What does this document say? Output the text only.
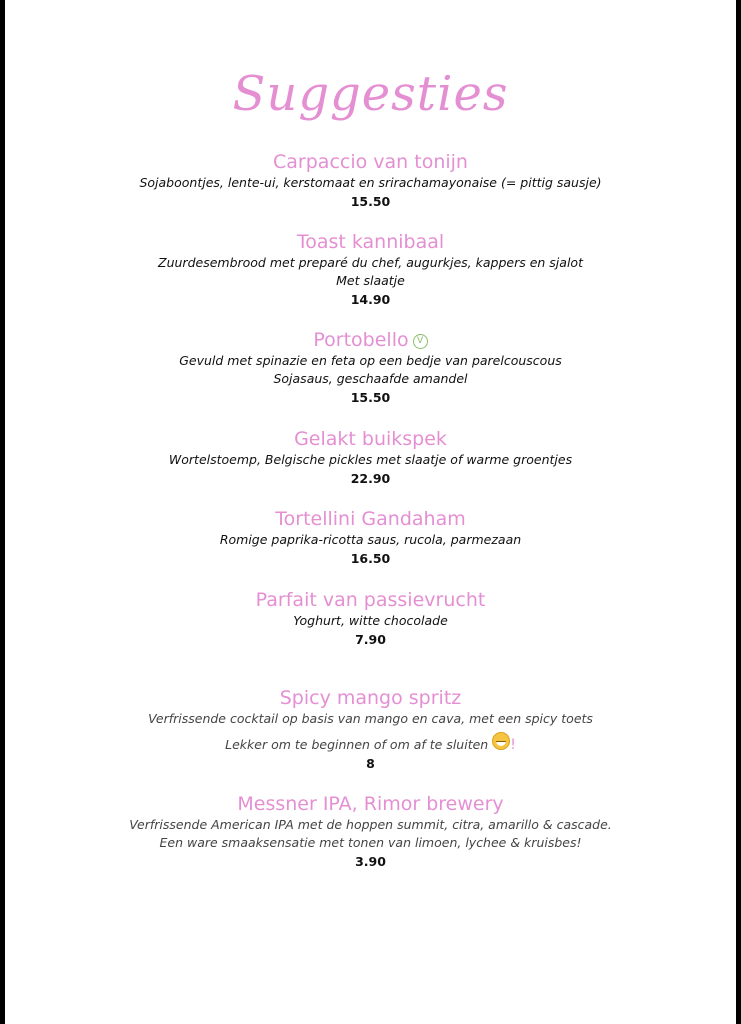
Suggesties
Carpaccio van tonijn
Sojaboontjes, lente-ui, kerstomaat en srirachamayonaise (= pittig sausje)
15.50
Toast kannibaal
Zuurdesembrood met preparé du chef, augurkjes, kappers en sjalot
Met slaatje
14.90
Portobello V
Gevuld met spinazie en feta op een bedje van parelcouscous
Sojasaus, geschaafde amandel
15.50
Gelakt buikspek
Wortelstoemp, Belgische pickles met slaatje of warme groentjes
22.90
Tortellini Gandaham
Romige paprika-ricotta saus, rucola, parmezaan
16.50
Parfait van passievrucht
Yoghurt, witte chocolade
7.90
Spicy mango spritz
Verfrissende cocktail op basis van mango en cava, met een spicy toets
Lekker om te beginnen of om af te sluiten !
8
Messner IPA, Rimor brewery
Verfrissende American IPA met de hoppen summit, citra, amarillo & cascade.
Een ware smaaksensatie met tonen van limoen, lychee & kruisbes!
3.90
